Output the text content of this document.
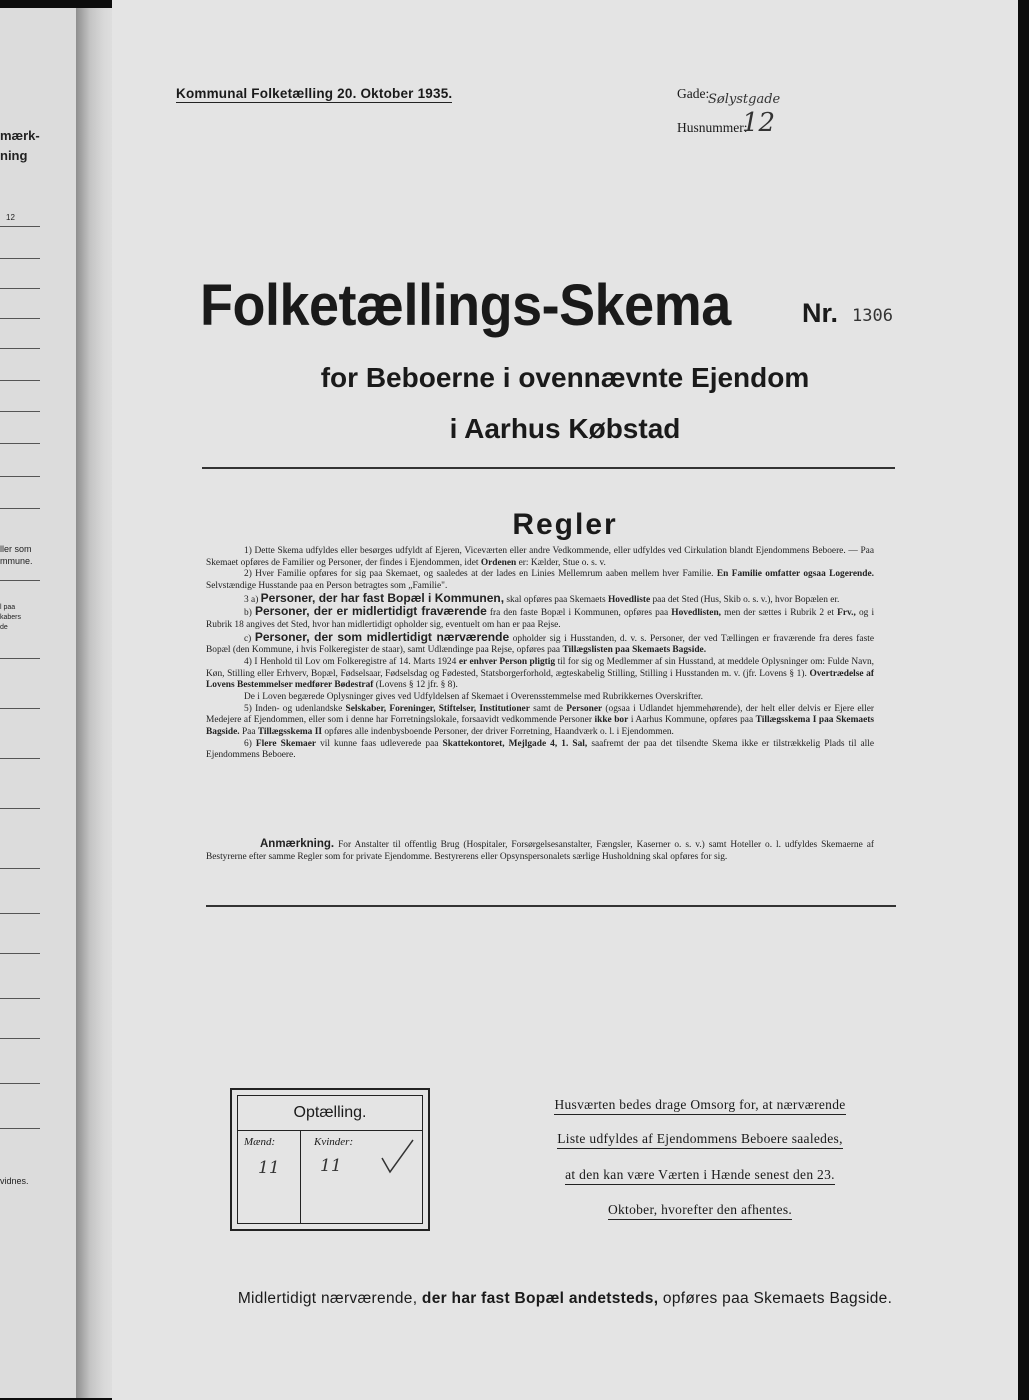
mærk-
ning
12
ller som
mmune.
l paa
kabers
de
vidnes.
Kommunal Folketælling 20. Oktober 1935.	Gade:
Sølystgade
Husnummer:
12
Folketællings-Skema	Nr. 1306
for Beboerne i ovennævnte Ejendom
i Aarhus Købstad
Regler

1) Dette Skema udfyldes eller besørges udfyldt af Ejeren, Viceværten eller andre Vedkommende, eller udfyldes ved Cirkulation blandt Ejendommens Beboere. — Paa Skemaet opføres de Familier og Personer, der findes i Ejendommen, idet Ordenen er: Kælder, Stue o. s. v.

2) Hver Familie opføres for sig paa Skemaet, og saaledes at der lades en Linies Mellemrum aaben mellem hver Familie. En Familie omfatter ogsaa Logerende. Selvstændige Husstande paa en Person betragtes som „Familie".

3 a) Personer, der har fast Bopæl i Kommunen, skal opføres paa Skemaets Hovedliste paa det Sted (Hus, Skib o. s. v.), hvor Bopælen er.

b) Personer, der er midlertidigt fraværende fra den faste Bopæl i Kommunen, opføres paa Hovedlisten, men der sættes i Rubrik 2 et Frv., og i Rubrik 18 angives det Sted, hvor han midlertidigt opholder sig, eventuelt om han er paa Rejse.

c) Personer, der som midlertidigt nærværende opholder sig i Husstanden, d. v. s. Personer, der ved Tællingen er fraværende fra deres faste Bopæl (den Kommune, i hvis Folkeregister de staar), samt Udlændinge paa Rejse, opføres paa Tillægslisten paa Skemaets Bagside.

4) I Henhold til Lov om Folkeregistre af 14. Marts 1924 er enhver Person pligtig til for sig og Medlemmer af sin Husstand, at meddele Oplysninger om: Fulde Navn, Køn, Stilling eller Erhverv, Bopæl, Fødselsaar, Fødselsdag og Fødested, Statsborgerforhold, ægteskabelig Stilling, Stilling i Husstanden m. v. (jfr. Lovens § 1). Overtrædelse af Lovens Bestemmelser medfører Bødestraf (Lovens § 12 jfr. § 8).

De i Loven begærede Oplysninger gives ved Udfyldelsen af Skemaet i Overensstemmelse med Rubrikkernes Overskrifter.

5) Inden- og udenlandske Selskaber, Foreninger, Stiftelser, Institutioner samt de Personer (ogsaa i Udlandet hjemmehørende), der helt eller delvis er Ejere eller Medejere af Ejendommen, eller som i denne har Forretningslokale, forsaavidt vedkommende Personer ikke bor i Aarhus Kommune, opføres paa Tillægsskema I paa Skemaets Bagside. Paa Tillægsskema II opføres alle indenbysboende Personer, der driver Forretning, Haandværk o. l. i Ejendommen.

6) Flere Skemaer vil kunne faas udleverede paa Skattekontoret, Mejlgade 4, 1. Sal, saafremt der paa det tilsendte Skema ikke er tilstrækkelig Plads til alle Ejendommens Beboere.

Anmærkning. For Anstalter til offentlig Brug (Hospitaler, Forsørgelsesanstalter, Fængsler, Kaserner o. s. v.) samt Hoteller o. l. udfyldes Skemaerne af Bestyrerne efter samme Regler som for private Ejendomme. Bestyrerens eller Opsynspersonalets særlige Husholdning skal opføres for sig.
Optælling.
Mænd:	Kvinder:
11 11
Husværten bedes drage Omsorg for, at nærværende
Liste udfyldes af Ejendommens Beboere saaledes,
at den kan være Værten i Hænde senest den 23.
Oktober, hvorefter den afhentes.
Midlertidigt nærværende, der har fast Bopæl andetsteds, opføres paa Skemaets Bagside.
